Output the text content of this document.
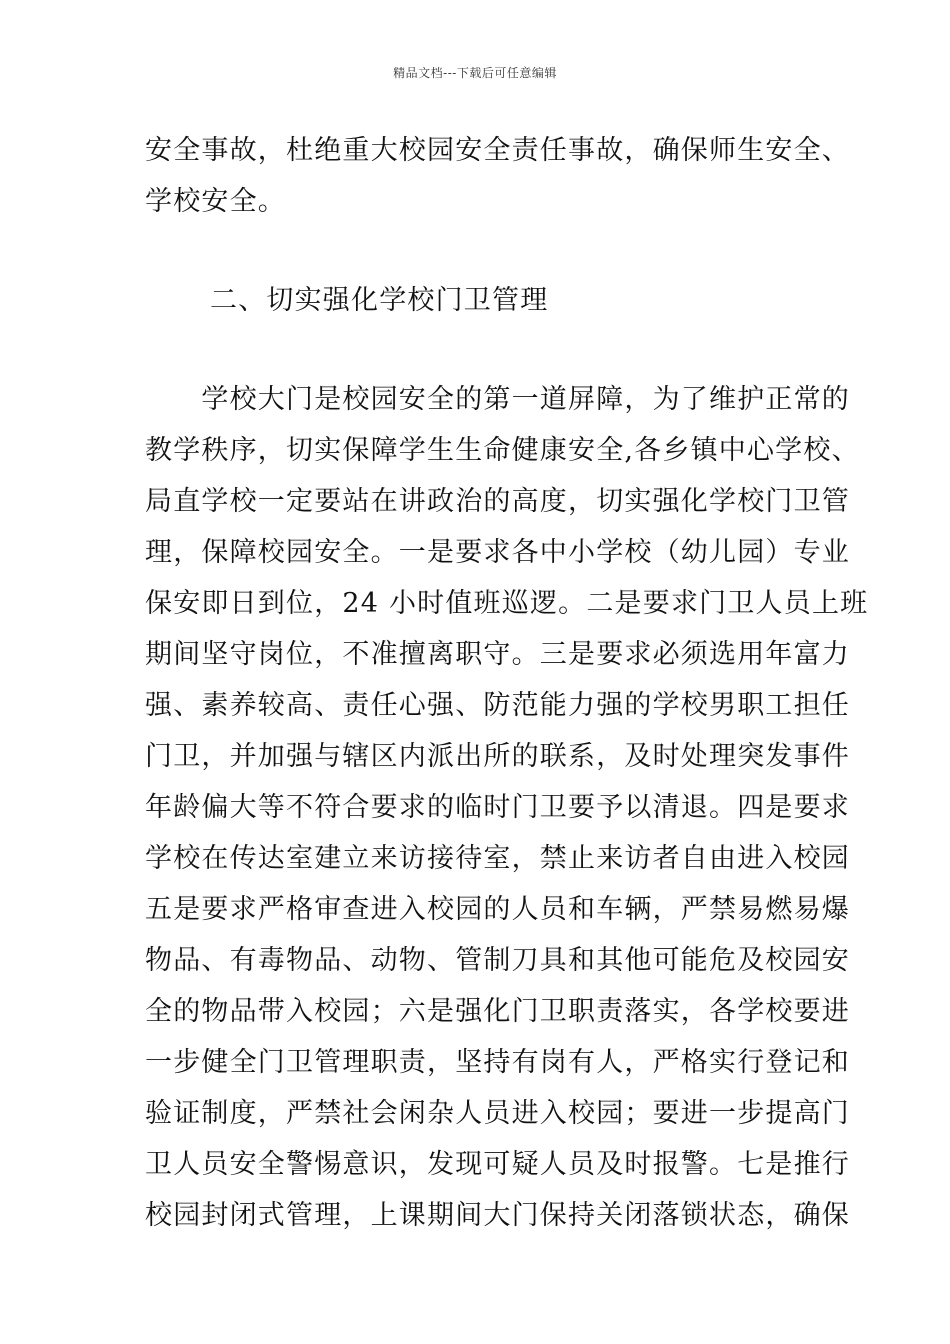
精品文档---下载后可任意编辑
安全事故，杜绝重大校园安全责任事故，确保师生安全、
学校安全。
二、切实强化学校门卫管理
　　学校大门是校园安全的第一道屏障，为了维护正常的
教学秩序，切实保障学生生命健康安全,各乡镇中心学校、
局直学校一定要站在讲政治的高度，切实强化学校门卫管
理，保障校园安全。一是要求各中小学校（幼儿园）专业
保安即日到位，24 小时值班巡逻。二是要求门卫人员上班
期间坚守岗位，不准擅离职守。三是要求必须选用年富力
强、素养较高、责任心强、防范能力强的学校男职工担任
门卫，并加强与辖区内派出所的联系，及时处理突发事件
年龄偏大等不符合要求的临时门卫要予以清退。四是要求
学校在传达室建立来访接待室，禁止来访者自由进入校园
五是要求严格审查进入校园的人员和车辆，严禁易燃易爆
物品、有毒物品、动物、管制刀具和其他可能危及校园安
全的物品带入校园；六是强化门卫职责落实，各学校要进
一步健全门卫管理职责，坚持有岗有人，严格实行登记和
验证制度，严禁社会闲杂人员进入校园；要进一步提高门
卫人员安全警惕意识，发现可疑人员及时报警。七是推行
校园封闭式管理，上课期间大门保持关闭落锁状态，确保
